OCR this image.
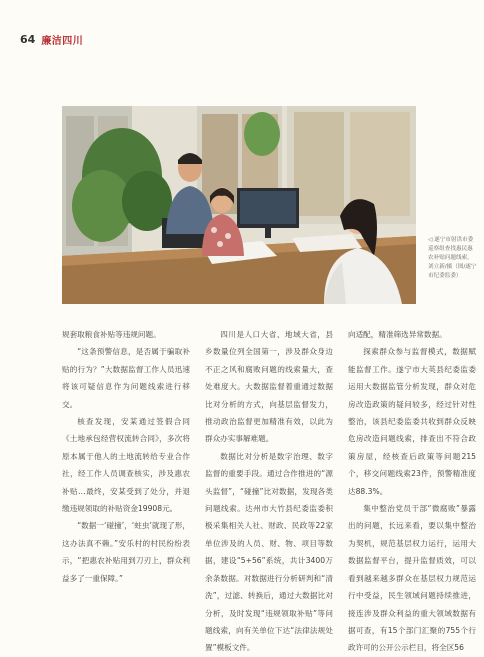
64 廉洁四川
◁ 遂宁市射洪市委巡察组查找惠民惠农补贴问题线索。刘立新/摄（图/遂宁市纪委监委）

规套取粮食补贴等违规问题。

“这条预警信息，是否属于骗取补贴的行为？”大数据监督工作人员迅速将该可疑信息作为问题线索进行移交。

核查发现，安某通过签假合同《土地承包经营权流转合同》，多次将原本属于他人的土地流转给专业合作社，经工作人员调查核实，涉及惠农补贴…最终，安某受到了处分，并退缴违规领取的补贴资金19908元。

“数据一‘碰撞’，‘蛀虫’就现了形，这办法真不赖。”安乐村的村民纷纷表示，“把惠农补贴用到刀刃上，群众利益多了一重保障。”

四川是人口大省、地域大省，县乡数量位列全国第一，涉及群众身边不正之风和腐败问题的线索量大，查处难度大。大数据监督着重通过数据比对分析的方式，向基层监督发力，推动政治监督更加精准有效，以此为群众办实事解难题。

数据比对分析是数字治理、数字监督的重要手段。通过合作推进的“源头监督”，“碰撞”比对数据，发现各类问题线索。达州市大竹县纪委监委积极采集相关人社、财政、民政等22家单位涉及的人员、财、物、项目等数据，建设“5+56”系统，共计3400万余条数据。对数据进行分析研判和“清洗”，过滤、转换后，通过大数据比对分析，及时发现“违规领取补贴”等问题线索，向有关单位下达“法律法规处置”模板文件。

向适配，精准筛选异常数据。

探索群众参与监督模式，数据赋能监督工作。遂宁市大英县纪委监委运用大数据监管分析发现，群众对危房改造政策的疑问较多，经过针对性整治，该县纪委监委共收到群众反映危房改造问题线索，排查出不符合政策房屋，经核查后政策等问题215个，移交问题线索23件，预警精准度达88.3%。

集中整治党员干部“微腐败”暴露出的问题，长远来看，要以集中整治为契机，规范基层权力运行，运用大数据监督平台，提升监督质效，可以看到越来越多群众在基层权力规范运行中受益，民生领域问题持续推进，接连涉及群众利益的重大领域数据有据可查，有15个部门汇聚的755个行政许可的公开公示栏目，将全区56
